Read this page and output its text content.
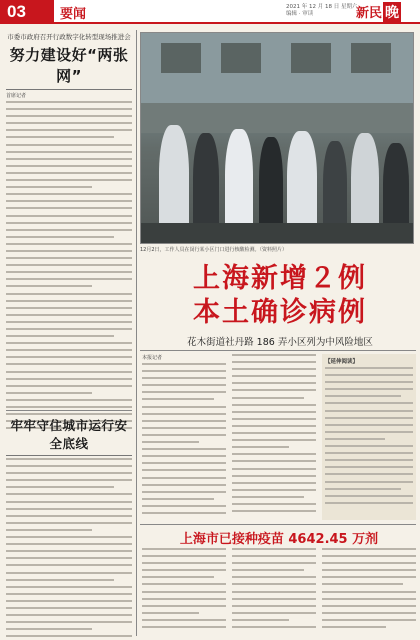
03	要闻	2021 年 12 月 18 日 星期六
编辑 · 审读	新民 晚
市委市政府召开行政数字化转型现场推进会
努力建设好“两张网”
首席记者
牢牢守住城市运行安全底线
12月2日，工作人员在闵行某小区门口进行核酸检测。（资料照片）
上海新增２例
本土确诊病例
花木街道社丹路 186 弄小区列为中风险地区
本报记者
【延伸阅读】
上海市已接种疫苗 4642.45 万剂
